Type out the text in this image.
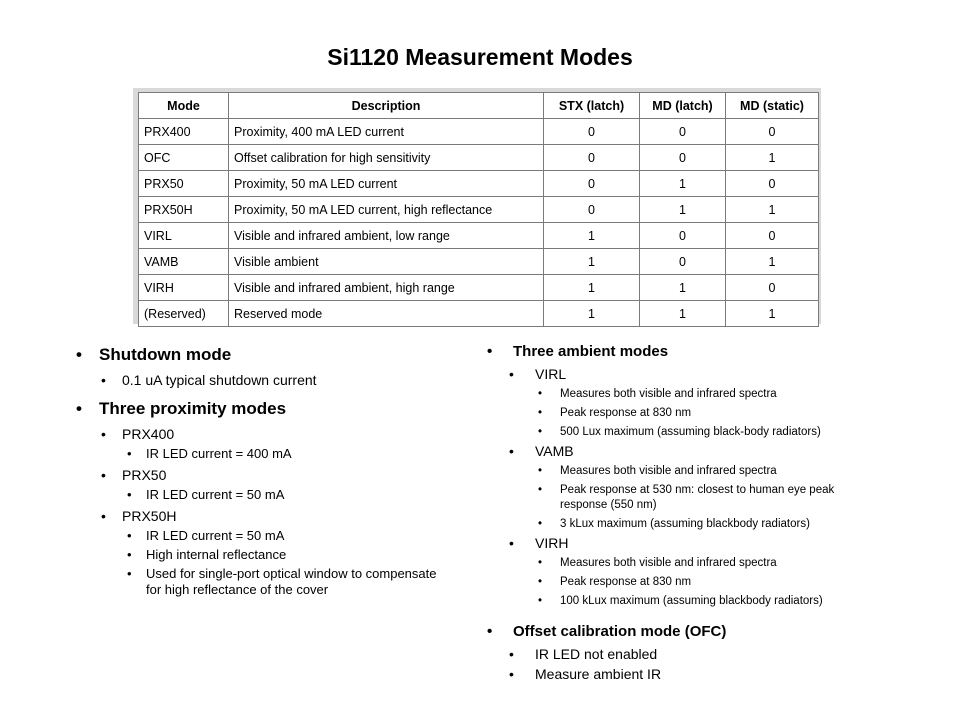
Si1120 Measurement Modes
Mode	Description	STX (latch)	MD (latch)	MD (static)
PRX400	Proximity, 400 mA LED current	0	0	0
OFC	Offset calibration for high sensitivity	0	0	1
PRX50	Proximity, 50 mA LED current	0	1	0
PRX50H	Proximity, 50 mA LED current, high reflectance	0	1	1
VIRL	Visible and infrared ambient, low range	1	0	0
VAMB	Visible ambient	1	0	1
VIRH	Visible and infrared ambient, high range	1	1	0
(Reserved)	Reserved mode	1	1	1
• Shutdown mode
• 0.1 uA typical shutdown current
• Three proximity modes
• PRX400
• IR LED current = 400 mA
• PRX50
• IR LED current = 50 mA
• PRX50H
• IR LED current = 50 mA
• High internal reflectance
• Used for single-port optical window to compensate for high reflectance of the cover
• Three ambient modes
• VIRL
• Measures both visible and infrared spectra
• Peak response at 830 nm
• 500 Lux maximum (assuming black-body radiators)
• VAMB
• Measures both visible and infrared spectra
• Peak response at 530 nm: closest to human eye peak response (550 nm)
• 3 kLux maximum (assuming blackbody radiators)
• VIRH
• Measures both visible and infrared spectra
• Peak response at 830 nm
• 100 kLux maximum (assuming blackbody radiators)
• Offset calibration mode (OFC)
• IR LED not enabled
• Measure ambient IR
